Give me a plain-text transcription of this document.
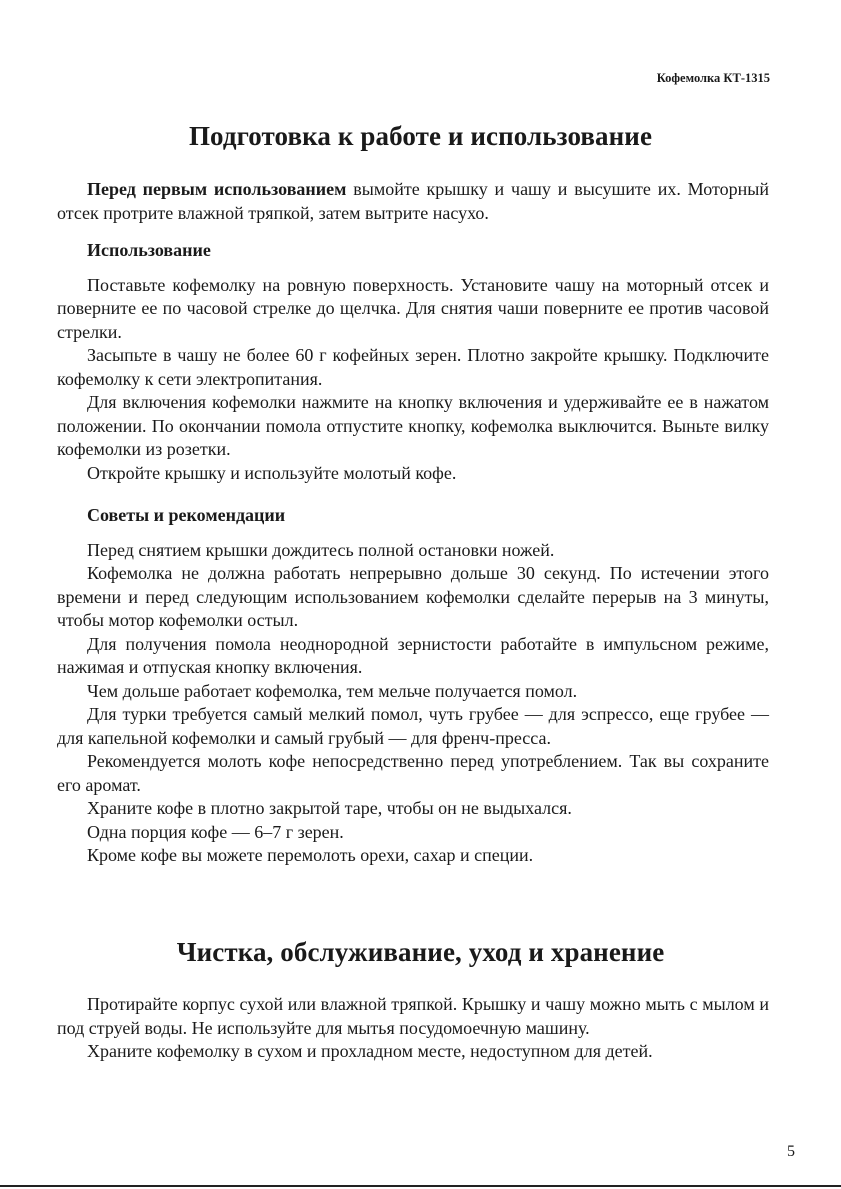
Кофемолка КТ-1315
Подготовка к работе и использование

Перед первым использованием вымойте крышку и чашу и высушите их. Моторный отсек протрите влажной тряпкой, затем вытрите насухо.

Использование

Поставьте кофемолку на ровную поверхность. Установите чашу на моторный отсек и поверните ее по часовой стрелке до щелчка. Для снятия чаши поверните ее против часовой стрелки.

Засыпьте в чашу не более 60 г кофейных зерен. Плотно закройте крышку. Подключите кофемолку к сети электропитания.

Для включения кофемолки нажмите на кнопку включения и удерживайте ее в нажатом положении. По окончании помола отпустите кнопку, кофемолка выключится. Выньте вилку кофемолки из розетки.

Откройте крышку и используйте молотый кофе.

Советы и рекомендации

Перед снятием крышки дождитесь полной остановки ножей.

Кофемолка не должна работать непрерывно дольше 30 секунд. По истечении этого времени и перед следующим использованием кофемолки сделайте перерыв на 3 минуты, чтобы мотор кофемолки остыл.

Для получения помола неоднородной зернистости работайте в импульсном режиме, нажимая и отпуская кнопку включения.

Чем дольше работает кофемолка, тем мельче получается помол.

Для турки требуется самый мелкий помол, чуть грубее — для эспрессо, еще грубее — для капельной кофемолки и самый грубый — для френч-пресса.

Рекомендуется молоть кофе непосредственно перед употреблением. Так вы сохраните его аромат.

Храните кофе в плотно закрытой таре, чтобы он не выдыхался.

Одна порция кофе — 6–7 г зерен.

Кроме кофе вы можете перемолоть орехи, сахар и специи.

Чистка, обслуживание, уход и хранение

Протирайте корпус сухой или влажной тряпкой. Крышку и чашу можно мыть с мылом и под струей воды. Не используйте для мытья посудомоечную машину.

Храните кофемолку в сухом и прохладном месте, недоступном для детей.

5
